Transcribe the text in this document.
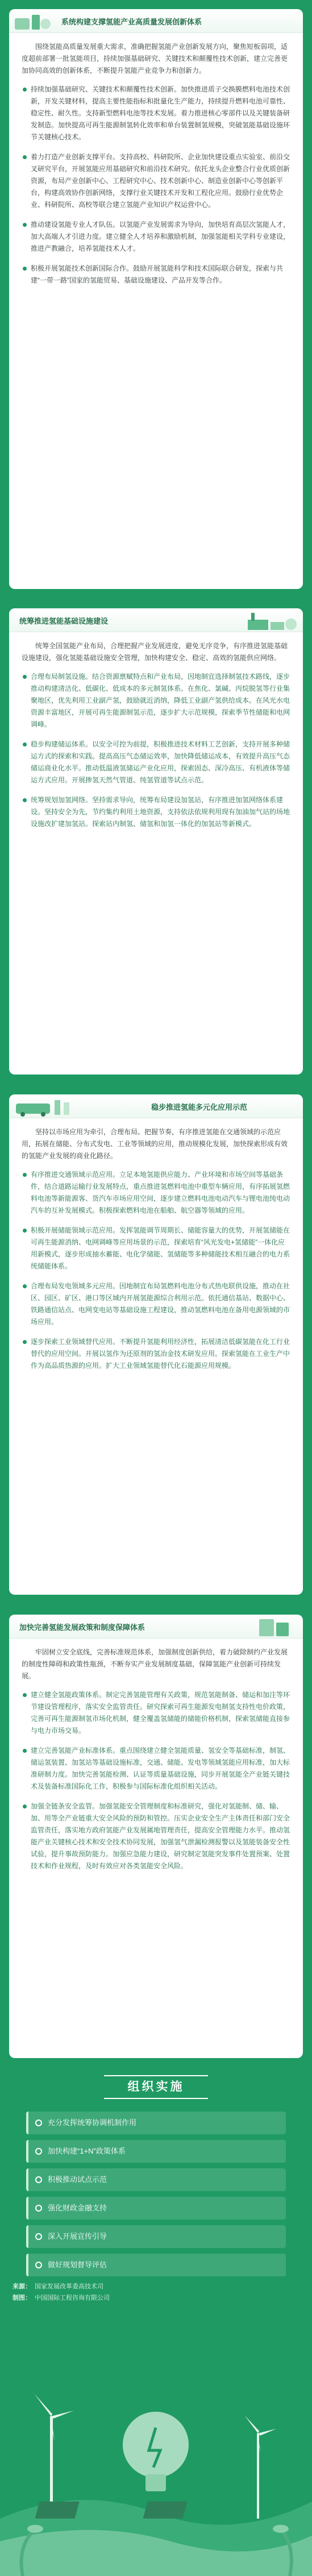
系统构建支撑氢能产业高质量发展创新体系

围绕氢能高质量发展重大需求，准确把握氢能产业创新发展方向，聚焦短板弱项，适度超前部署一批氢能项目，持续加强基础研究、关键技术和颠覆性技术创新，建立完善更加协同高效的创新体系，不断提升氢能产业竞争力和创新力。

持续加强基础研究、关键技术和颠覆性技术创新。加快推进质子交换膜燃料电池技术创新，开发关键材料，提高主要性能指标和批量化生产能力，持续提升燃料电池可靠性、稳定性、耐久性。支持新型燃料电池等技术发展。着力推进核心零部件以及关键装备研发制造。加快提高可再生能源制氢转化效率和单台装置制氢规模，突破氢能基础设施环节关键核心技术。
着力打造产业创新支撑平台。支持高校、科研院所、企业加快建设重点实验室、前沿交叉研究平台，开展氢能应用基础研究和前沿技术研究。依托龙头企业整合行业优质创新资源，布局产业创新中心、工程研究中心、技术创新中心、制造业创新中心等创新平台，构建高效协作创新网络，支撑行业关键技术开发和工程化应用。鼓励行业优势企业、科研院所、高校等联合建立氢能产业知识产权运营中心。
推动建设氢能专业人才队伍。以氢能产业发展需求为导向，加快培育高层次氢能人才，加大高端人才引进力度。建立健全人才培养和激励机制，加强氢能相关学科专业建设，推进产教融合，培养氢能技术人才。
积极开展氢能技术创新国际合作。鼓励开展氢能科学和技术国际联合研发，探索与共建“一带一路”国家的氢能贸易、基础设施建设、产品开发等合作。
统筹推进氢能基础设施建设

统筹全国氢能产业布局，合理把握产业发展进度，避免无序竞争，有序推进氢能基础设施建设，强化氢能基础设施安全管理，加快构建安全、稳定、高效的氢能供应网络。

合理布局制氢设施。结合资源禀赋特点和产业布局，因地制宜选择制氢技术路线，逐步推动构建清洁化、低碳化、低成本的多元制氢体系。在焦化、氯碱、丙烷脱氢等行业集聚地区，优先利用工业副产氢，鼓励就近消纳，降低工业副产氢供给成本。在风光水电资源丰富地区，开展可再生能源制氢示范，逐步扩大示范规模，探索季节性储能和电网调峰。
稳步构建储运体系。以安全可控为前提，积极推进技术材料工艺创新，支持开展多种储运方式的探索和实践。提高高压气态储运效率，加快降低储运成本，有效提升高压气态储运商业化水平。推动低温液氢储运产业化应用，探索固态、深冷高压、有机液体等储运方式应用。开展掺氢天然气管道、纯氢管道等试点示范。
统筹规划加氢网络。坚持需求导向，统筹布局建设加氢站，有序推进加氢网络体系建设。坚持安全为先，节约集约利用土地资源，支持依法依规利用现有加油加气站的场地设施改扩建加氢站。探索站内制氢、储氢和加氢一体化的加氢站等新模式。
稳步推进氢能多元化应用示范

坚持以市场应用为牵引，合理布局、把握节奏，有序推进氢能在交通领域的示范应用，拓展在储能、分布式发电、工业等领域的应用，推动规模化发展，加快探索形成有效的氢能产业发展的商业化路径。

有序推进交通领域示范应用。立足本地氢能供应能力、产业环境和市场空间等基础条件，结合道路运输行业发展特点，重点推进氢燃料电池中重型车辆应用，有序拓展氢燃料电池等新能源客、货汽车市场应用空间，逐步建立燃料电池电动汽车与锂电池纯电动汽车的互补发展模式。积极探索燃料电池在船舶、航空器等领域的应用。
积极开展储能领域示范应用。发挥氢能调节周期长、储能容量大的优势，开展氢储能在可再生能源消纳、电网调峰等应用场景的示范，探索培育“风光发电+氢储能”一体化应用新模式，逐步形成抽水蓄能、电化学储能、氢储能等多种储能技术相互融合的电力系统储能体系。
合理布局发电领域多元应用。因地制宜布局氢燃料电池分布式热电联供设施，推动在社区、园区、矿区、港口等区域内开展氢能源综合利用示范。依托通信基站、数据中心、铁路通信站点、电网变电站等基础设施工程建设，推动氢燃料电池在备用电源领域的市场应用。
逐步探索工业领域替代应用。不断提升氢能利用经济性，拓展清洁低碳氢能在化工行业替代的应用空间。开展以氢作为还原剂的氢冶金技术研发应用。探索氢能在工业生产中作为高品质热源的应用。扩大工业领域氢能替代化石能源应用规模。
加快完善氢能发展政策和制度保障体系

牢固树立安全底线，完善标准规范体系，加强制度创新供给，着力破除制约产业发展的制度性障碍和政策性瓶颈，不断夯实产业发展制度基础，保障氢能产业创新可持续发展。

建立健全氢能政策体系。制定完善氢能管理有关政策，规范氢能制备、储运和加注等环节建设管理程序，落实安全监管责任。研究探索可再生能源发电制氢支持性电价政策，完善可再生能源制氢市场化机制，健全覆盖氢储能的储能价格机制，探索氢储能直接参与电力市场交易。
建立完善氢能产业标准体系。重点围绕建立健全氢能质量、氢安全等基础标准，制氢、储运氢装置、加氢站等基础设施标准，交通、储能、发电等领域氢能应用标准，加大标准研制力度。加快完善氢能检测、认证等质量基础设施，同步开展氢能全产业链关键技术及装备标准国际化工作，积极参与国际标准化组织相关活动。
加强全链条安全监管。加强氢能安全管理制度和标准研究，强化对氢能制、储、输、加、用等全产业链重大安全风险的预防和管控。压实企业安全生产主体责任和部门安全监管责任，落实地方政府氢能产业发展属地管理责任，提高安全管理能力水平。推动氢能产业关键核心技术和安全技术协同发展，加强氢气泄漏检测报警以及氢能装备安全性试验，提升事故预防能力。加强应急能力建设，研究制定氢能突发事件处置预案、处置技术和作业规程，及时有效应对各类氢能安全风险。
组织实施
充分发挥统筹协调机制作用
加快构建“1+N”政策体系
积极推动试点示范
强化财政金融支持
深入开展宣传引导
做好规划督导评估
来源： 国家发展改革委高技术司
制图： 中国国际工程咨询有限公司
